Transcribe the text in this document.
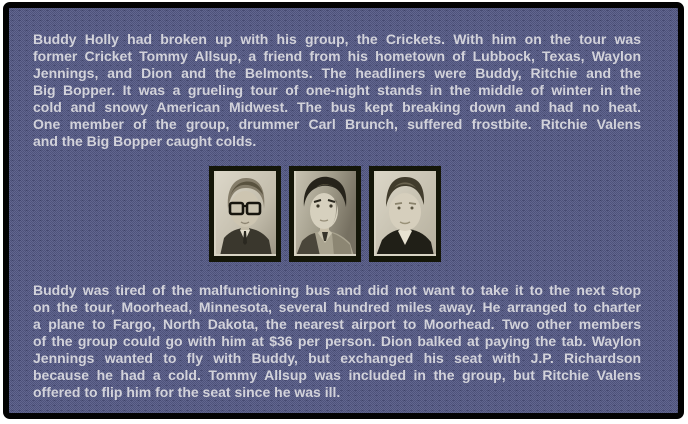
Buddy Holly had broken up with his group, the Crickets. With him on the tour was
former Cricket Tommy Allsup, a friend from his hometown of Lubbock, Texas, Waylon
Jennings, and Dion and the Belmonts. The headliners were Buddy, Ritchie and the
Big Bopper. It was a grueling tour of one-night stands in the middle of winter in the
cold and snowy American Midwest. The bus kept breaking down and had no heat.
One member of the group, drummer Carl Brunch, suffered frostbite. Ritchie Valens
and the Big Bopper caught colds.
Buddy was tired of the malfunctioning bus and did not want to take it to the next stop
on the tour, Moorhead, Minnesota, several hundred miles away. He arranged to charter
a plane to Fargo, North Dakota, the nearest airport to Moorhead. Two other members
of the group could go with him at $36 per person. Dion balked at paying the tab. Waylon
Jennings wanted to fly with Buddy, but exchanged his seat with J.P. Richardson
because he had a cold. Tommy Allsup was included in the group, but Ritchie Valens
offered to flip him for the seat since he was ill.
